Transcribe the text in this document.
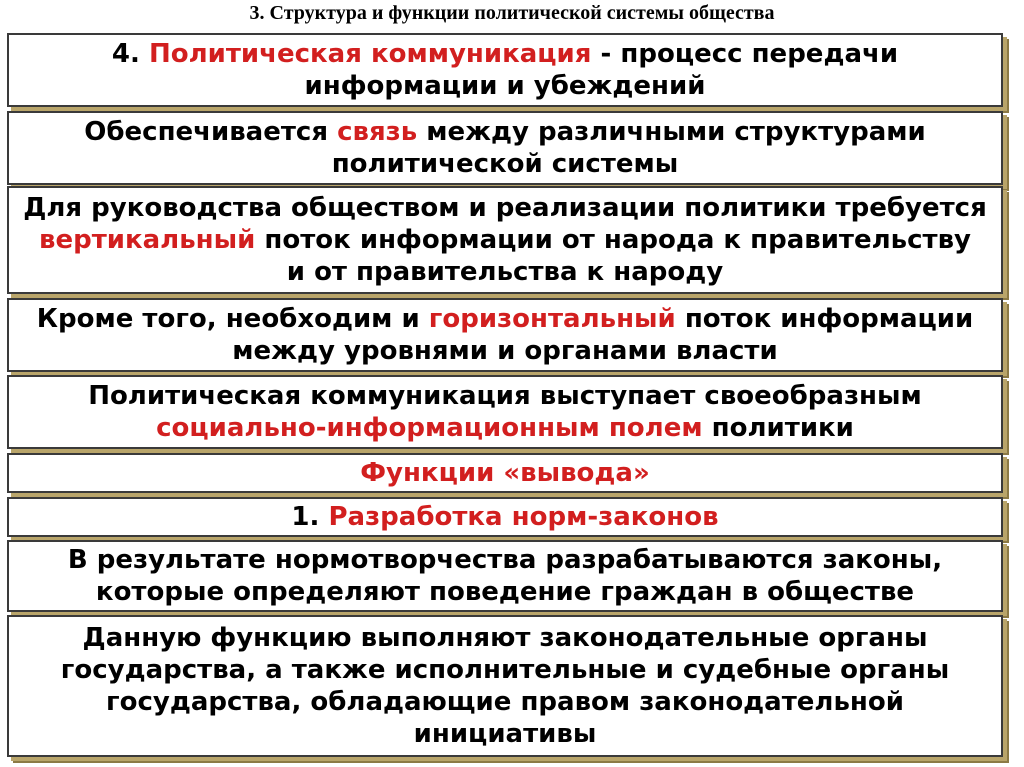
3. Структура и функции политической системы общества
4. Политическая коммуникация - процесс передачи
информации и убеждений
Обеспечивается связь между различными структурами
политической системы
Для руководства обществом и реализации политики требуется
вертикальный поток информации от народа к правительству
и от правительства к народу
Кроме того, необходим и горизонтальный поток информации
между уровнями и органами власти
Политическая коммуникация выступает своеобразным
социально-информационным полем политики
Функции «вывода»
1. Разработка норм-законов
В результате нормотворчества разрабатываются законы,
которые определяют поведение граждан в обществе
Данную функцию выполняют законодательные органы
государства, а также исполнительные и судебные органы
государства, обладающие правом законодательной
инициативы
